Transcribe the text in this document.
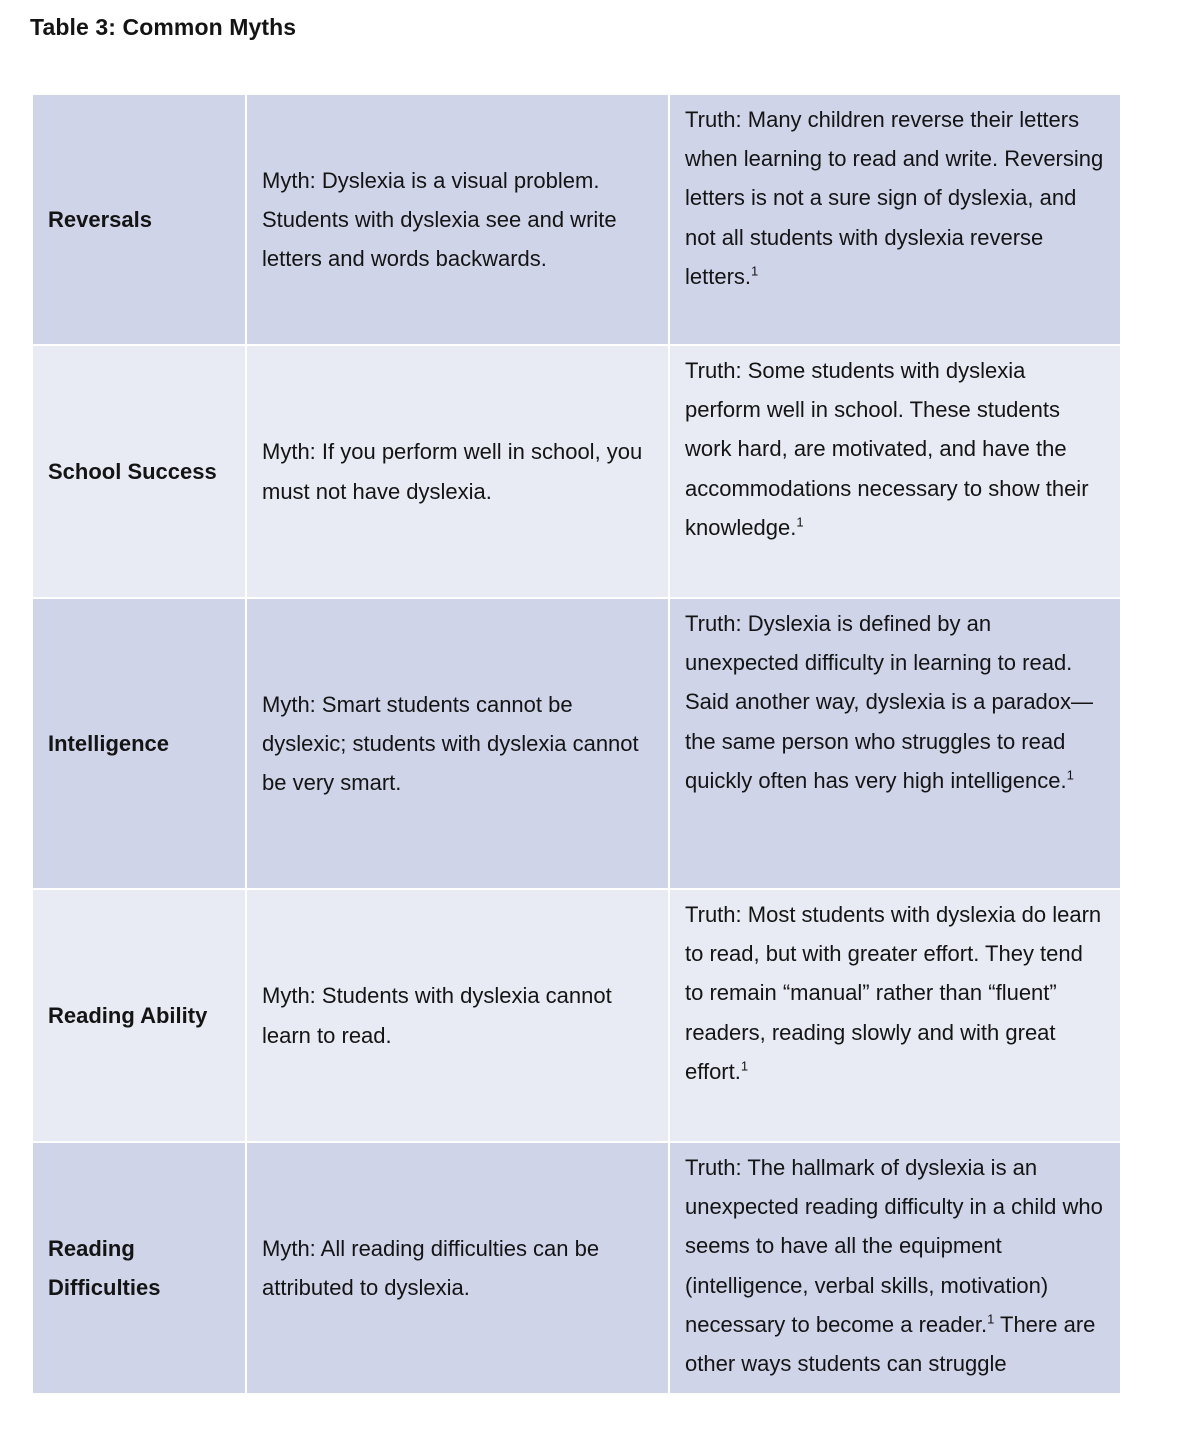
Table 3: Common Myths
Reversals	Myth: Dyslexia is a visual problem. Students with dyslexia see and write letters and words backwards.	Truth: Many children reverse their letters when learning to read and write. Reversing letters is not a sure sign of dyslexia, and not all students with dyslexia reverse letters.$^1$
School Success	Myth: If you perform well in school, you must not have dyslexia.	Truth: Some students with dyslexia perform well in school. These students work hard, are motivated, and have the accommodations necessary to show their knowledge.$^1$
Intelligence	Myth: Smart students cannot be dyslexic; students with dyslexia cannot be very smart.	Truth: Dyslexia is defined by an unexpected difficulty in learning to read. Said another way, dyslexia is a paradox—the same person who struggles to read quickly often has very high intelligence.$^1$
Reading Ability	Myth: Students with dyslexia cannot learn to read.	Truth: Most students with dyslexia do learn to read, but with greater effort. They tend to remain “manual” rather than “fluent” readers, reading slowly and with great effort.$^1$
Reading Difficulties	Myth: All reading difficulties can be attributed to dyslexia.	Truth: The hallmark of dyslexia is an unexpected reading difficulty in a child who seems to have all the equipment (intelligence, verbal skills, motivation) necessary to become a reader.$^1$ There are other ways students can struggle
